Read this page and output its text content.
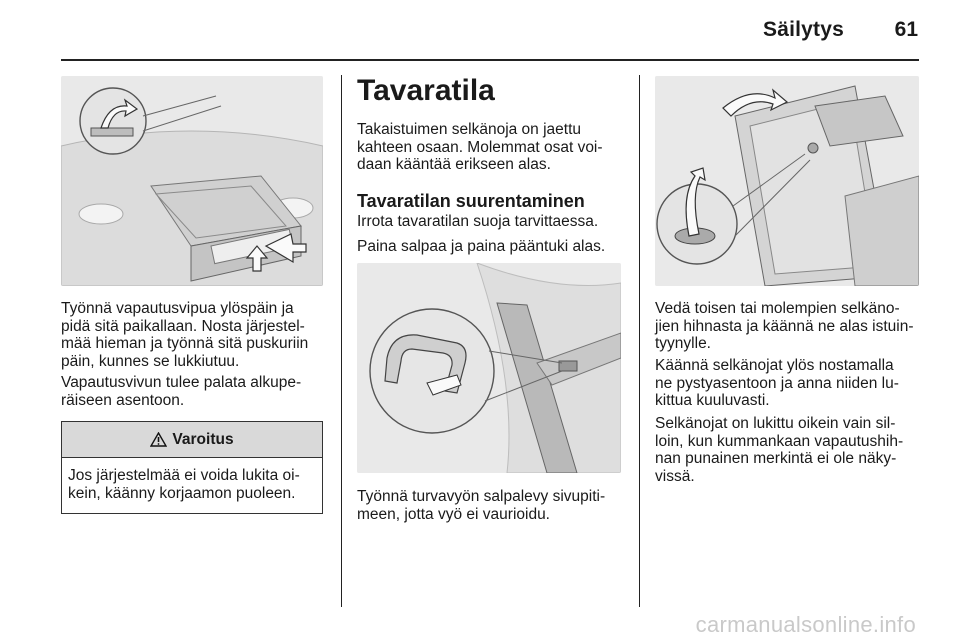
Säilytys 61
Työnnä vapautusvipua ylöspäin ja
pidä sitä paikallaan. Nosta järjestel-
mää hieman ja työnnä sitä puskuriin
päin, kunnes se lukkiutuu.
Vapautusvivun tulee palata alkupe-
räiseen asentoon.
Varoitus
Jos järjestelmää ei voida lukita oi-
kein, käänny korjaamon puoleen.
Tavaratila
Takaistuimen selkänoja on jaettu
kahteen osaan. Molemmat osat voi-
daan kääntää erikseen alas.
Tavaratilan suurentaminen
Irrota tavaratilan suoja tarvittaessa.
Paina salpaa ja paina pääntuki alas.
Työnnä turvavyön salpalevy sivupiti-
meen, jotta vyö ei vaurioidu.
Vedä toisen tai molempien selkäno-
jien hihnasta ja käännä ne alas istuin-
tyynylle.
Käännä selkänojat ylös nostamalla
ne pystyasentoon ja anna niiden lu-
kittua kuuluvasti.
Selkänojat on lukittu oikein vain sil-
loin, kun kummankaan vapautushih-
nan punainen merkintä ei ole näky-
vissä.
carmanualsonline.info
